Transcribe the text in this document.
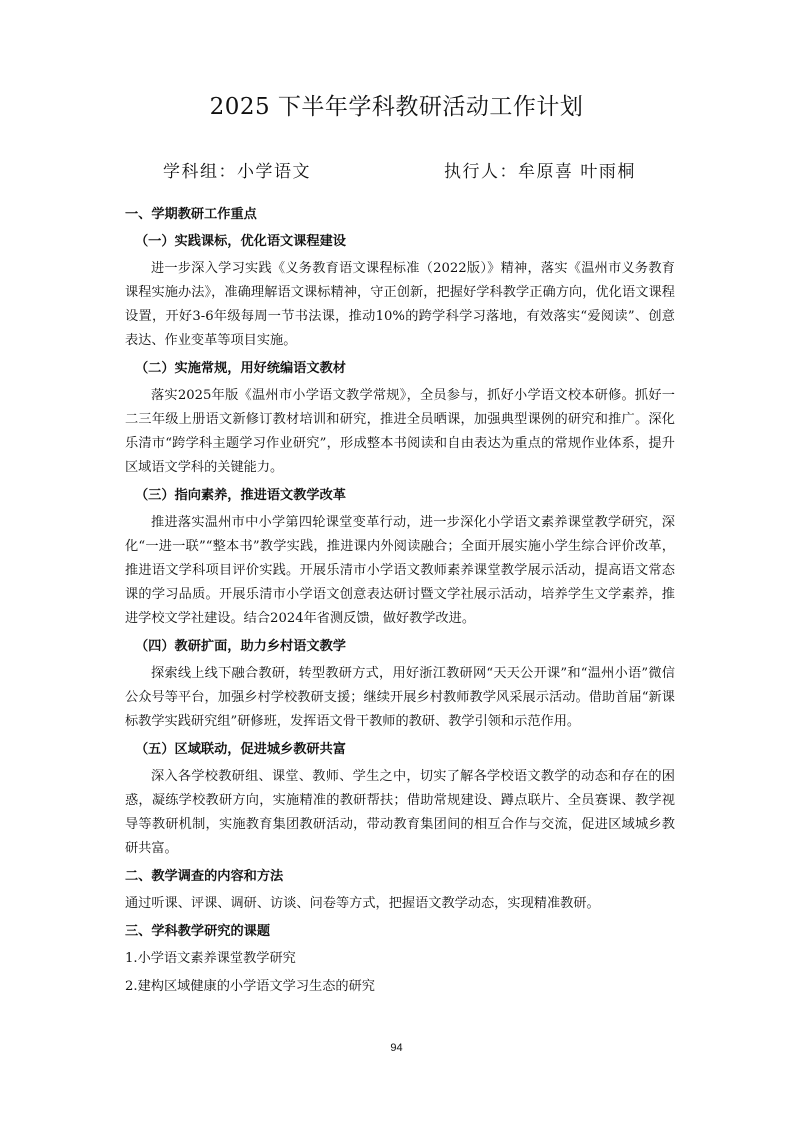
2025 下半年学科教研活动工作计划
学科组：小学语文	执行人：牟原喜 叶雨桐
一、学期教研工作重点
（一）实践课标，优化语文课程建设
进一步深入学习实践《义务教育语文课程标准（2022版）》精神，落实《温州市义务教育课程实施办法》，准确理解语文课标精神，守正创新，把握好学科教学正确方向，优化语文课程设置，开好3-6年级每周一节书法课，推动10%的跨学科学习落地，有效落实“爱阅读”、创意表达、作业变革等项目实施。
（二）实施常规，用好统编语文教材
落实2025年版《温州市小学语文教学常规》，全员参与，抓好小学语文校本研修。抓好一二三年级上册语文新修订教材培训和研究，推进全员晒课，加强典型课例的研究和推广。深化乐清市“跨学科主题学习作业研究”，形成整本书阅读和自由表达为重点的常规作业体系，提升区域语文学科的关键能力。
（三）指向素养，推进语文教学改革
推进落实温州市中小学第四轮课堂变革行动，进一步深化小学语文素养课堂教学研究，深化“一进一联”“整本书”教学实践，推进课内外阅读融合；全面开展实施小学生综合评价改革，推进语文学科项目评价实践。开展乐清市小学语文教师素养课堂教学展示活动，提高语文常态课的学习品质。开展乐清市小学语文创意表达研讨暨文学社展示活动，培养学生文学素养，推进学校文学社建设。结合2024年省测反馈，做好教学改进。
（四）教研扩面，助力乡村语文教学
探索线上线下融合教研，转型教研方式，用好浙江教研网“天天公开课”和“温州小语”微信公众号等平台，加强乡村学校教研支援；继续开展乡村教师教学风采展示活动。借助首届“新课标教学实践研究组”研修班，发挥语文骨干教师的教研、教学引领和示范作用。
（五）区域联动，促进城乡教研共富
深入各学校教研组、课堂、教师、学生之中，切实了解各学校语文教学的动态和存在的困惑，凝练学校教研方向，实施精准的教研帮扶；借助常规建设、蹲点联片、全员赛课、教学视导等教研机制，实施教育集团教研活动，带动教育集团间的相互合作与交流，促进区域城乡教研共富。
二、教学调查的内容和方法
通过听课、评课、调研、访谈、问卷等方式，把握语文教学动态，实现精准教研。
三、学科教学研究的课题
1.小学语文素养课堂教学研究
2.建构区域健康的小学语文学习生态的研究
94
